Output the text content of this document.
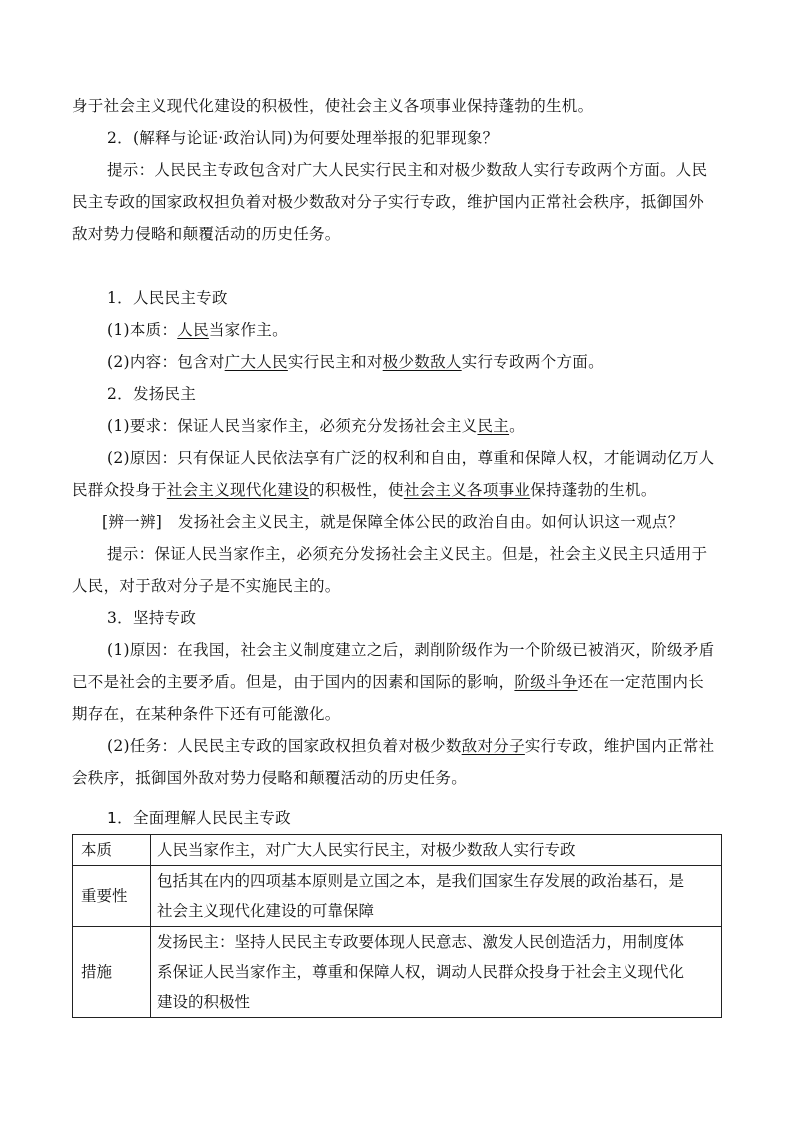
身于社会主义现代化建设的积极性，使社会主义各项事业保持蓬勃的生机。
2．(解释与论证·政治认同)为何要处理举报的犯罪现象？
提示：人民民主专政包含对广大人民实行民主和对极少数敌人实行专政两个方面。人民
民主专政的国家政权担负着对极少数敌对分子实行专政，维护国内正常社会秩序，抵御国外
敌对势力侵略和颠覆活动的历史任务。
1．人民民主专政
(1)本质：人民当家作主。
(2)内容：包含对广大人民实行民主和对极少数敌人实行专政两个方面。
2．发扬民主
(1)要求：保证人民当家作主，必须充分发扬社会主义民主。
(2)原因：只有保证人民依法享有广泛的权利和自由，尊重和保障人权，才能调动亿万人
民群众投身于社会主义现代化建设的积极性，使社会主义各项事业保持蓬勃的生机。
[辨一辨]　发扬社会主义民主，就是保障全体公民的政治自由。如何认识这一观点？
提示：保证人民当家作主，必须充分发扬社会主义民主。但是，社会主义民主只适用于
人民，对于敌对分子是不实施民主的。
3．坚持专政
(1)原因：在我国，社会主义制度建立之后，剥削阶级作为一个阶级已被消灭，阶级矛盾
已不是社会的主要矛盾。但是，由于国内的因素和国际的影响，阶级斗争还在一定范围内长
期存在，在某种条件下还有可能激化。
(2)任务：人民民主专政的国家政权担负着对极少数敌对分子实行专政，维护国内正常社
会秩序，抵御国外敌对势力侵略和颠覆活动的历史任务。
1．全面理解人民民主专政
本质	人民当家作主，对广大人民实行民主，对极少数敌人实行专政

重要性	包括其在内的四项基本原则是立国之本，是我们国家生存发展的政治基石，是
社会主义现代化建设的可靠保障

措施	发扬民主：坚持人民民主专政要体现人民意志、激发人民创造活力，用制度体
系保证人民当家作主，尊重和保障人权，调动人民群众投身于社会主义现代化
建设的积极性
